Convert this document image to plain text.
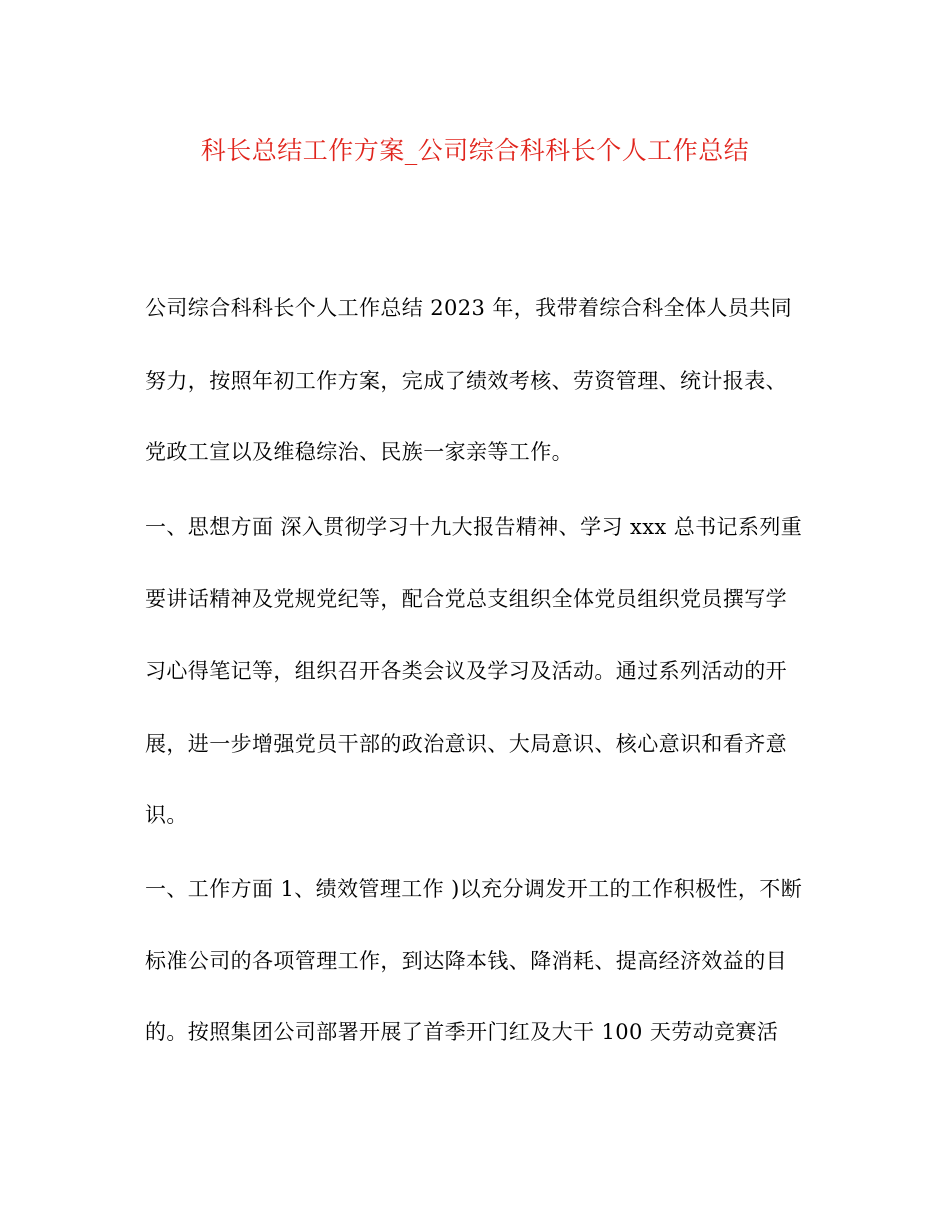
科长总结工作方案_公司综合科科长个人工作总结
公司综合科科长个人工作总结 2023 年，我带着综合科全体人员共同
努力，按照年初工作方案，完成了绩效考核、劳资管理、统计报表、
党政工宣以及维稳综治、民族一家亲等工作。
一、思想方面 深入贯彻学习十九大报告精神、学习 xxx 总书记系列重
要讲话精神及党规党纪等，配合党总支组织全体党员组织党员撰写学
习心得笔记等，组织召开各类会议及学习及活动。通过系列活动的开
展，进一步增强党员干部的政治意识、大局意识、核心意识和看齐意
识。
一、工作方面 1、绩效管理工作 )以充分调发开工的工作积极性，不断
标准公司的各项管理工作，到达降本钱、降消耗、提高经济效益的目
的。按照集团公司部署开展了首季开门红及大干 100 天劳动竞赛活
